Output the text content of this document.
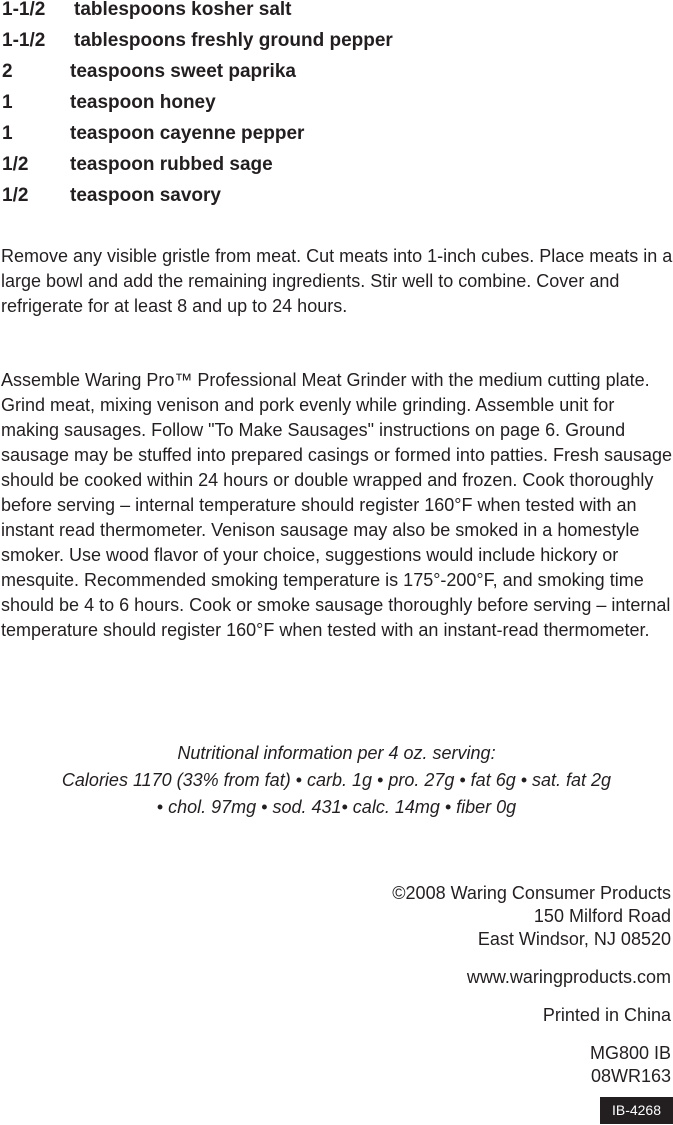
1-1/2	tablespoons kosher salt
1-1/2	tablespoons freshly ground pepper
2	teaspoons sweet paprika
1	teaspoon honey
1	teaspoon cayenne pepper
1/2	teaspoon rubbed sage
1/2	teaspoon savory

Remove any visible gristle from meat. Cut meats into 1-inch cubes. Place meats in a large bowl and add the remaining ingredients. Stir well to combine. Cover and refrigerate for at least 8 and up to 24 hours.

Assemble Waring Pro™ Professional Meat Grinder with the medium cutting plate. Grind meat, mixing venison and pork evenly while grinding. Assemble unit for making sausages. Follow "To Make Sausages" instructions on page 6. Ground sausage may be stuffed into prepared casings or formed into patties. Fresh sausage should be cooked within 24 hours or double wrapped and frozen. Cook thoroughly before serving – internal temperature should register 160°F when tested with an instant read thermometer. Venison sausage may also be smoked in a homestyle smoker. Use wood flavor of your choice, suggestions would include hickory or mesquite. Recommended smoking temperature is 175°-200°F, and smoking time should be 4 to 6 hours. Cook or smoke sausage thoroughly before serving – internal temperature should register 160°F when tested with an instant-read thermometer.

Nutritional information per 4 oz. serving:
Calories 1170 (33% from fat) • carb. 1g • pro. 27g • fat 6g • sat. fat 2g
• chol. 97mg • sod. 431• calc. 14mg • fiber 0g
©2008 Waring Consumer Products
150 Milford Road
East Windsor, NJ 08520
www.waringproducts.com
Printed in China
MG800 IB
08WR163
IB-4268
